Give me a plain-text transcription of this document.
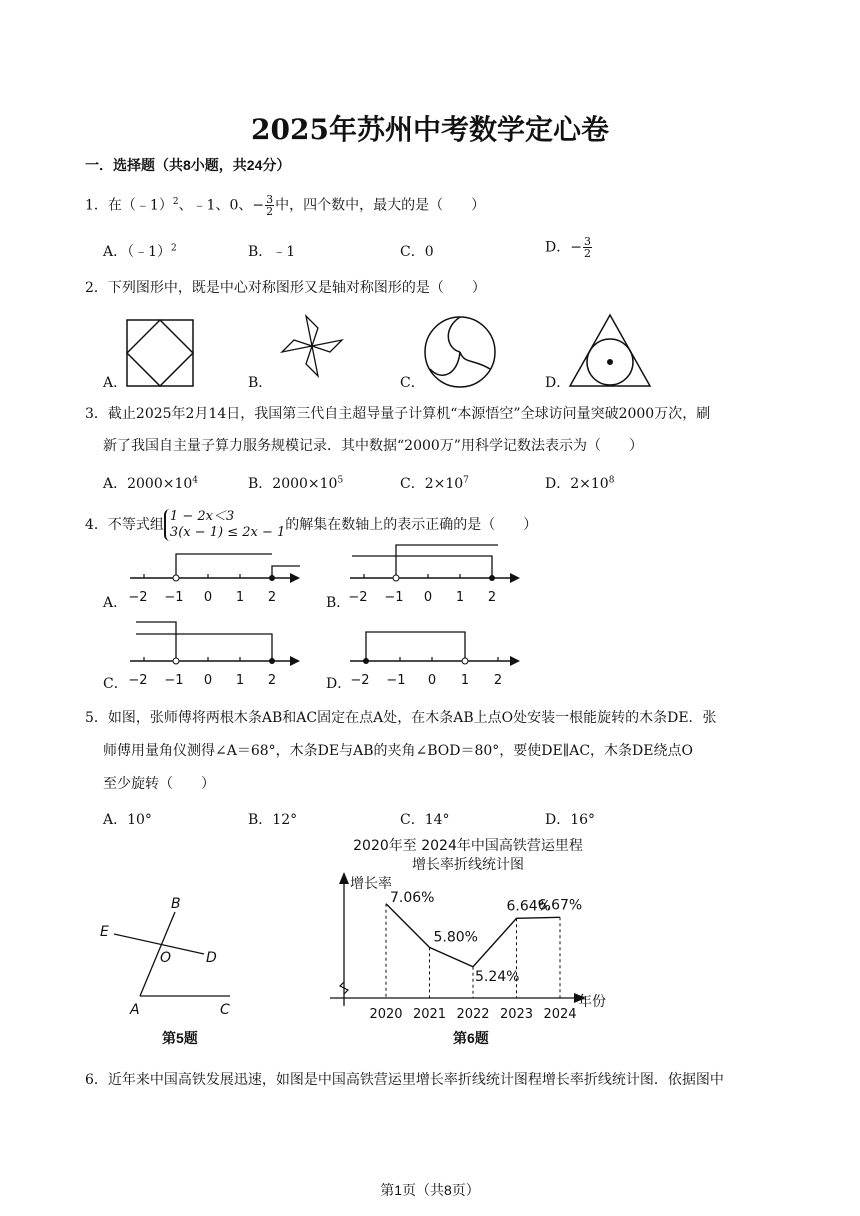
2025年苏州中考数学定心卷
一．选择题（共8小题，共24分）
1．在（﹣1）$^2$、﹣1、0、− $\frac{3}{2}$ 中，四个数中，最大的是（　　）
A．（﹣1）$^2$	B．﹣1	C．0	D．− $\frac{3}{2}$
2．下列图形中，既是中心对称图形又是轴对称图形的是（　　）
A．	B．	C．	D．
3．截止2025年2月14日，我国第三代自主超导量子计算机“本源悟空”全球访问量突破2000万次，刷
新了我国自主量子算力服务规模记录．其中数据“2000万”用科学记数法表示为（　　）
A．$2000\times 10^4$	B．$2000\times 10^5$	C．$2\times 10^7$	D．$2\times 10^8$
4．不等式组
1 − 2x＜3
3(x − 1) ≤ 2x − 1 的解集在数轴上的表示正确的是（　　）
A． −2 −1 0 1 2	B．
−2 −1 0 1 2
C． −2 −1 0 1 2	D． −2 −1 0 1 2
5．如图，张师傅将两根木条AB和AC固定在点A处，在木条AB上点O处安装一根能旋转的木条DE．张
师傅用量角仪测得∠A＝68°，木条DE与AB的夹角∠BOD＝80°，要使DE∥AC，木条DE绕点O
至少旋转（　　）
A．10°	B．12°	C．14°	D．16°
B
E
O D
A	C
第5题
2020年至 2024年中国高铁营运里程
增长率折线统计图
增长率
年份
2020 2021 2022 2023 2024
7.06%
5.80%
5.24%
6.64%
6.67%
第6题
6．近年来中国高铁发展迅速，如图是中国高铁营运里增长率折线统计图程增长率折线统计图．依据图中
第1页（共8页）
